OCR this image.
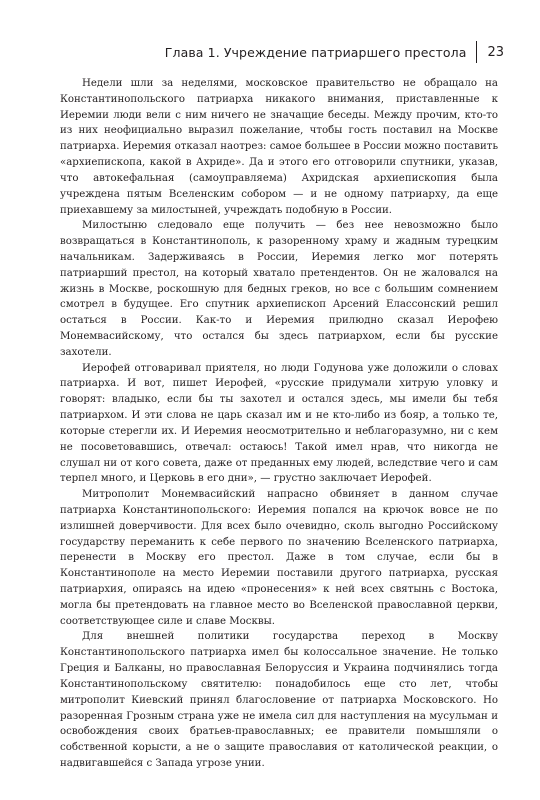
Глава 1. Учреждение патриаршего престола 23

Недели шли за неделями, московское правительство не обращало на Константинопольского патриарха никакого внимания, приставленные к Иеремии люди вели с ним ничего не значащие беседы. Между прочим, кто-то из них неофициально выразил пожелание, чтобы гость поставил на Москве патриарха. Иеремия отказал наотрез: самое большее в России можно поставить «архиепископа, какой в Ахриде». Да и этого его отговорили спутники, указав, что автокефальная (самоуправляема) Ахридская архиепископия была учреждена пятым Вселенским собором — и не одному патриарху, да еще приехавшему за милостыней, учреждать подобную в России.

Милостыню следовало еще получить — без нее невозможно было возвращаться в Константинополь, к разоренному храму и жадным турецким начальникам. Задерживаясь в России, Иеремия легко мог потерять патриарший престол, на который хватало претендентов. Он не жаловался на жизнь в Москве, роскошную для бедных греков, но все с большим сомнением смотрел в будущее. Его спутник архиепископ Арсений Елассонский решил остаться в России. Как-то и Иеремия прилюдно сказал Иерофею Монемвасийскому, что остался бы здесь патриархом, если бы русские захотели.

Иерофей отговаривал приятеля, но люди Годунова уже доложили о словах патриарха. И вот, пишет Иерофей, «русские придумали хитрую уловку и говорят: владыко, если бы ты захотел и остался здесь, мы имели бы тебя патриархом. И эти слова не царь сказал им и не кто-либо из бояр, а только те, которые стерегли их. И Иеремия неосмотрительно и неблагоразумно, ни с кем не посоветовавшись, отвечал: остаюсь! Такой имел нрав, что никогда не слушал ни от кого совета, даже от преданных ему людей, вследствие чего и сам терпел много, и Церковь в его дни», — грустно заключает Иерофей.

Митрополит Монемвасийский напрасно обвиняет в данном случае патриарха Константинопольского: Иеремия попался на крючок вовсе не по излишней доверчивости. Для всех было очевидно, сколь выгодно Российскому государству переманить к себе первого по значению Вселенского патриарха, перенести в Москву его престол. Даже в том случае, если бы в Константинополе на место Иеремии поставили другого патриарха, русская патриархия, опираясь на идею «пронесения» к ней всех святынь с Востока, могла бы претендовать на главное место во Вселенской православной церкви, соответствующее силе и славе Москвы.

Для внешней политики государства переход в Москву Константинопольского патриарха имел бы колоссальное значение. Не только Греция и Балканы, но православная Белоруссия и Украина подчинялись тогда Константинопольскому святителю: понадобилось еще сто лет, чтобы митрополит Киевский принял благословение от патриарха Московского. Но разоренная Грозным страна уже не имела сил для наступления на мусульман и освобождения своих братьев-православных; ее правители помышляли о собственной корысти, а не о защите православия от католической реакции, о надвигавшейся с Запада угрозе унии.
